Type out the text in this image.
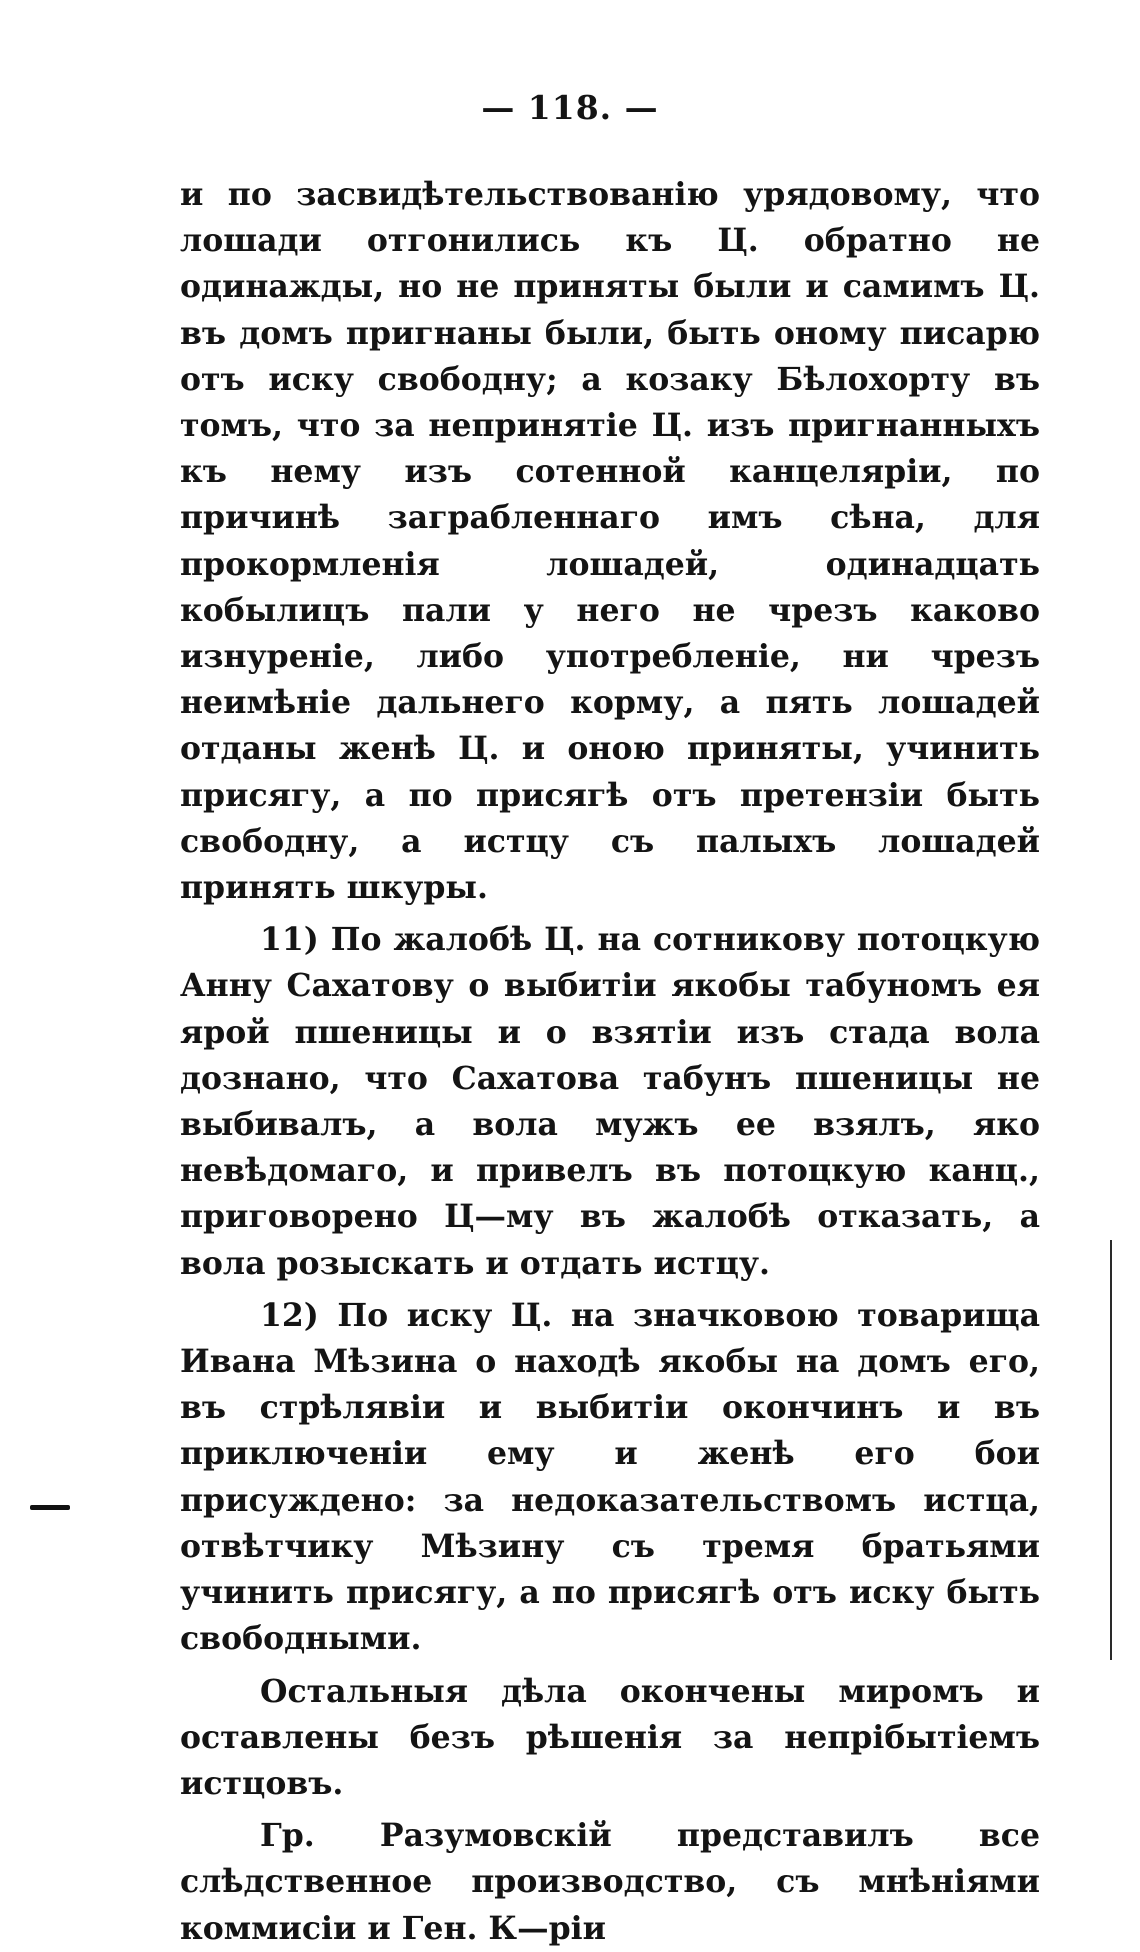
— 118. —

и по засвидѣтельствованію урядовому, что лошади отгонились къ Ц. обратно не одинажды, но не приняты были и самимъ Ц. въ домъ пригнаны были, быть оному писарю отъ иску свободну; а козаку Бѣлохорту въ томъ, что за непринятіе Ц. изъ пригнанныхъ къ нему изъ сотенной канцеляріи, по причинѣ заграбленнаго имъ сѣна, для прокормленія лошадей, одинадцать кобылицъ пали у него не чрезъ каково изнуреніе, либо употребленіе, ни чрезъ неимѣніе дальнего корму, а пять лошадей отданы женѣ Ц. и оною приняты, учинить присягу, а по присягѣ отъ претензіи быть свободну, а истцу съ палыхъ лошадей принять шкуры.

11) По жалобѣ Ц. на сотникову потоцкую Анну Сахатову о выбитіи якобы табуномъ ея ярой пшеницы и о взятіи изъ стада вола дознано, что Сахатова табунъ пшеницы не выбивалъ, а вола мужъ ее взялъ, яко невѣдомаго, и привелъ въ потоцкую канц., приговорено Ц—му въ жалобѣ отказать, а вола розыскать и отдать истцу.

12) По иску Ц. на значковою товарища Ивана Мѣзина о находѣ якобы на домъ его, въ стрѣлявіи и выбитіи окончинъ и въ приключеніи ему и женѣ его бои присуждено: за недоказательствомъ истца, отвѣтчику Мѣзину съ тремя братьями учинить присягу, а по присягѣ отъ иску быть свободными.

Остальныя дѣла окончены миромъ и оставлены безъ рѣшенія за непрібытіемъ истцовъ.

Гр. Разумовскій представилъ все слѣдственное производство, съ мнѣніями коммисіи и Ген. К—ріи
